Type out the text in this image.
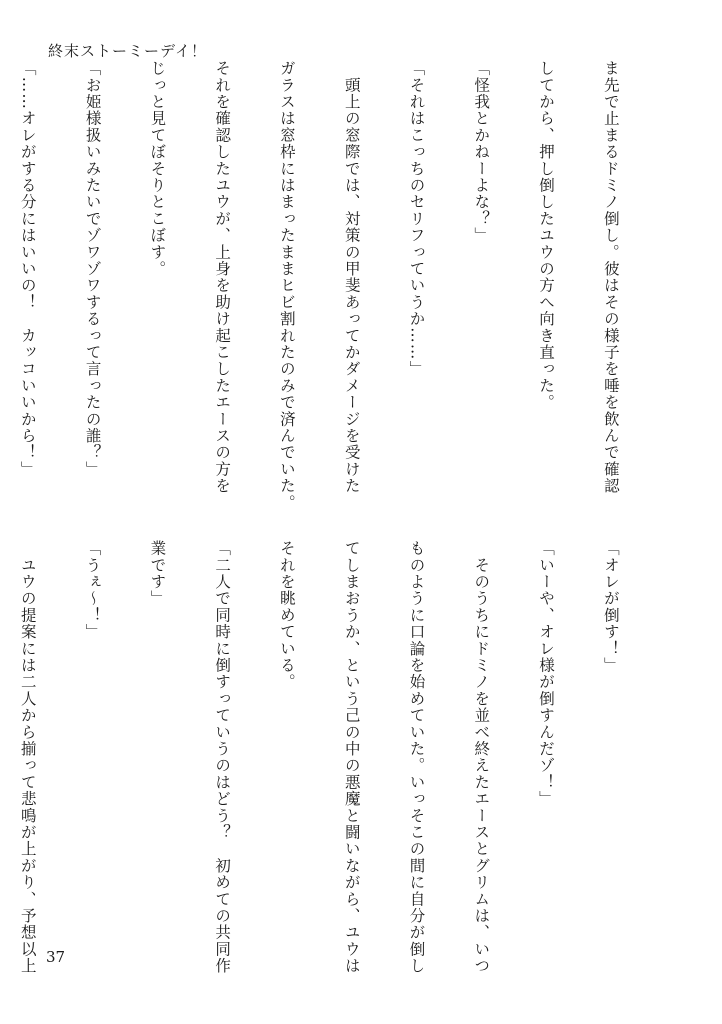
終末ストーミーデイ！

ま先で止まるドミノ倒し。彼はその様子を唾を飲んで確認

してから、押し倒したユウの方へ向き直った。

「怪我とかねーよな？」

「それはこっちのセリフっていうか……」

　頭上の窓際では、対策の甲斐あってかダメージを受けた

ガラスは窓枠にはまったままヒビ割れたのみで済んでいた。

それを確認したユウが、上身を助け起こしたエースの方を

じっと見てぼそりとこぼす。

「お姫様扱いみたいでゾワゾワするって言ったの誰？」

「……オレがする分にはいいの！　カッコいいから！」

「オレが倒す！」

「いーや、オレ様が倒すんだゾ！」

　そのうちにドミノを並べ終えたエースとグリムは、いつ

ものように口論を始めていた。いっそこの間に自分が倒し

てしまおうか、という己の中の悪魔と闘いながら、ユウは

それを眺めている。

「二人で同時に倒すっていうのはどう？　初めての共同作

業です」

「うぇ～！」

　ユウの提案には二人から揃って悲鳴が上がり、予想以上

37
